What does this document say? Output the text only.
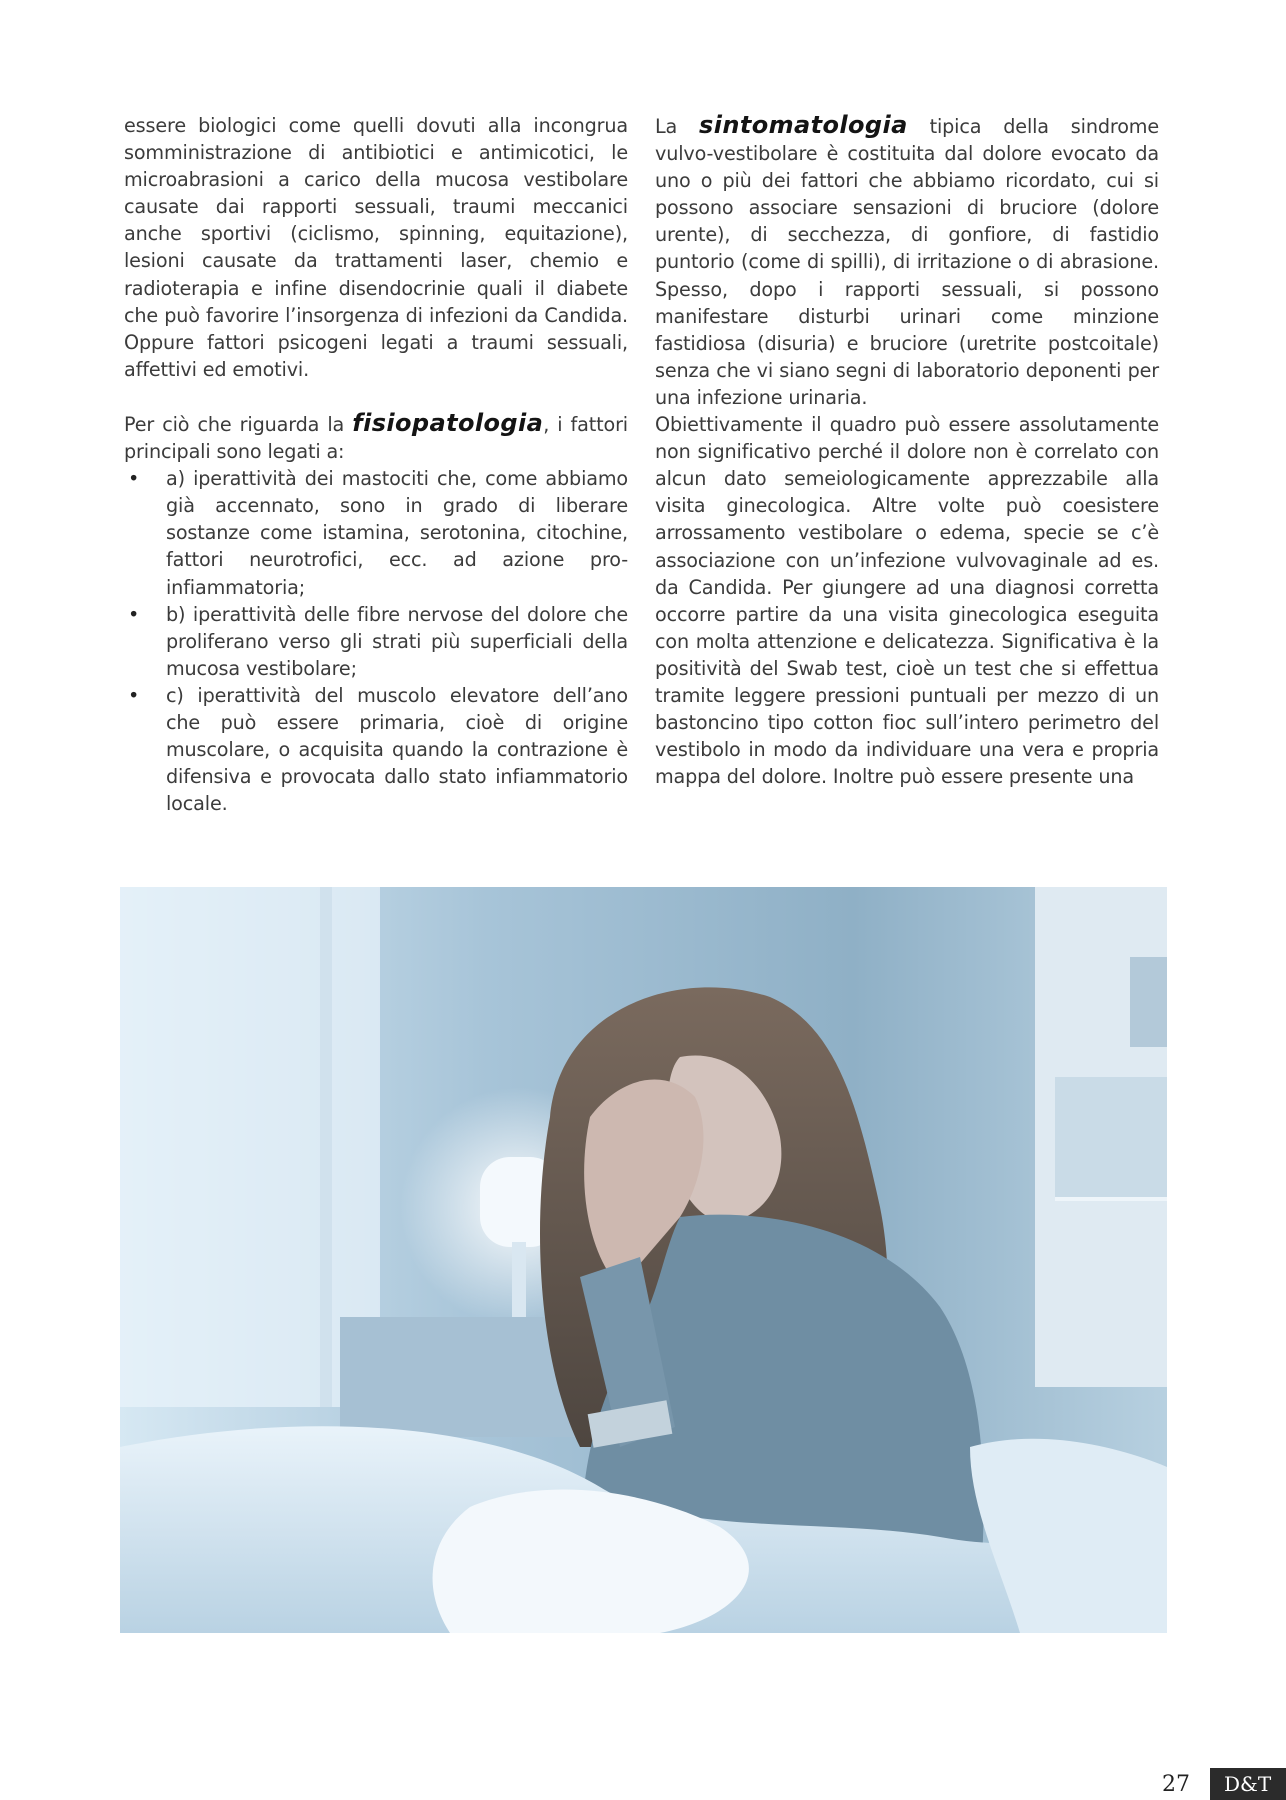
essere biologici come quelli dovuti alla incongrua somministrazione di antibiotici e antimicotici, le microabrasioni a carico della mucosa vestibolare causate dai rapporti sessuali, traumi meccanici anche sportivi (ciclismo, spinning, equitazione), lesioni causate da trattamenti laser, chemio e radioterapia e infine disendocrinie quali il diabete che può favorire l’insorgenza di infezioni da Candida. Oppure fattori psicogeni legati a traumi sessuali, affettivi ed emotivi.

Per ciò che riguarda la fisiopatologia, i fattori principali sono legati a:

• a) iperattività dei mastociti che, come abbiamo già accennato, sono in grado di liberare sostanze come istamina, serotonina, citochine, fattori neurotrofici, ecc. ad azione pro-infiammatoria;
• b) iperattività delle fibre nervose del dolore che proliferano verso gli strati più superficiali della mucosa vestibolare;
• c) iperattività del muscolo elevatore dell’ano che può essere primaria, cioè di origine muscolare, o acquisita quando la contrazione è difensiva e provocata dallo stato infiammatorio locale.

La sintomatologia tipica della sindrome vulvo-vestibolare è costituita dal dolore evocato da uno o più dei fattori che abbiamo ricordato, cui si possono associare sensazioni di bruciore (dolore urente), di secchezza, di gonfiore, di fastidio puntorio (come di spilli), di irritazione o di abrasione. Spesso, dopo i rapporti sessuali, si possono manifestare disturbi urinari come minzione fastidiosa (disuria) e bruciore (uretrite postcoitale) senza che vi siano segni di laboratorio deponenti per una infezione urinaria.

Obiettivamente il quadro può essere assolutamente non significativo perché il dolore non è correlato con alcun dato semeiologicamente apprezzabile alla visita ginecologica. Altre volte può coesistere arrossamento vestibolare o edema, specie se c’è associazione con un’infezione vulvovaginale ad es. da Candida. Per giungere ad una diagnosi corretta occorre partire da una visita ginecologica eseguita con molta attenzione e delicatezza. Significativa è la positività del Swab test, cioè un test che si effettua tramite leggere pressioni puntuali per mezzo di un bastoncino tipo cotton fioc sull’intero perimetro del vestibolo in modo da individuare una vera e propria mappa del dolore. Inoltre può essere presente una

27	D&T
